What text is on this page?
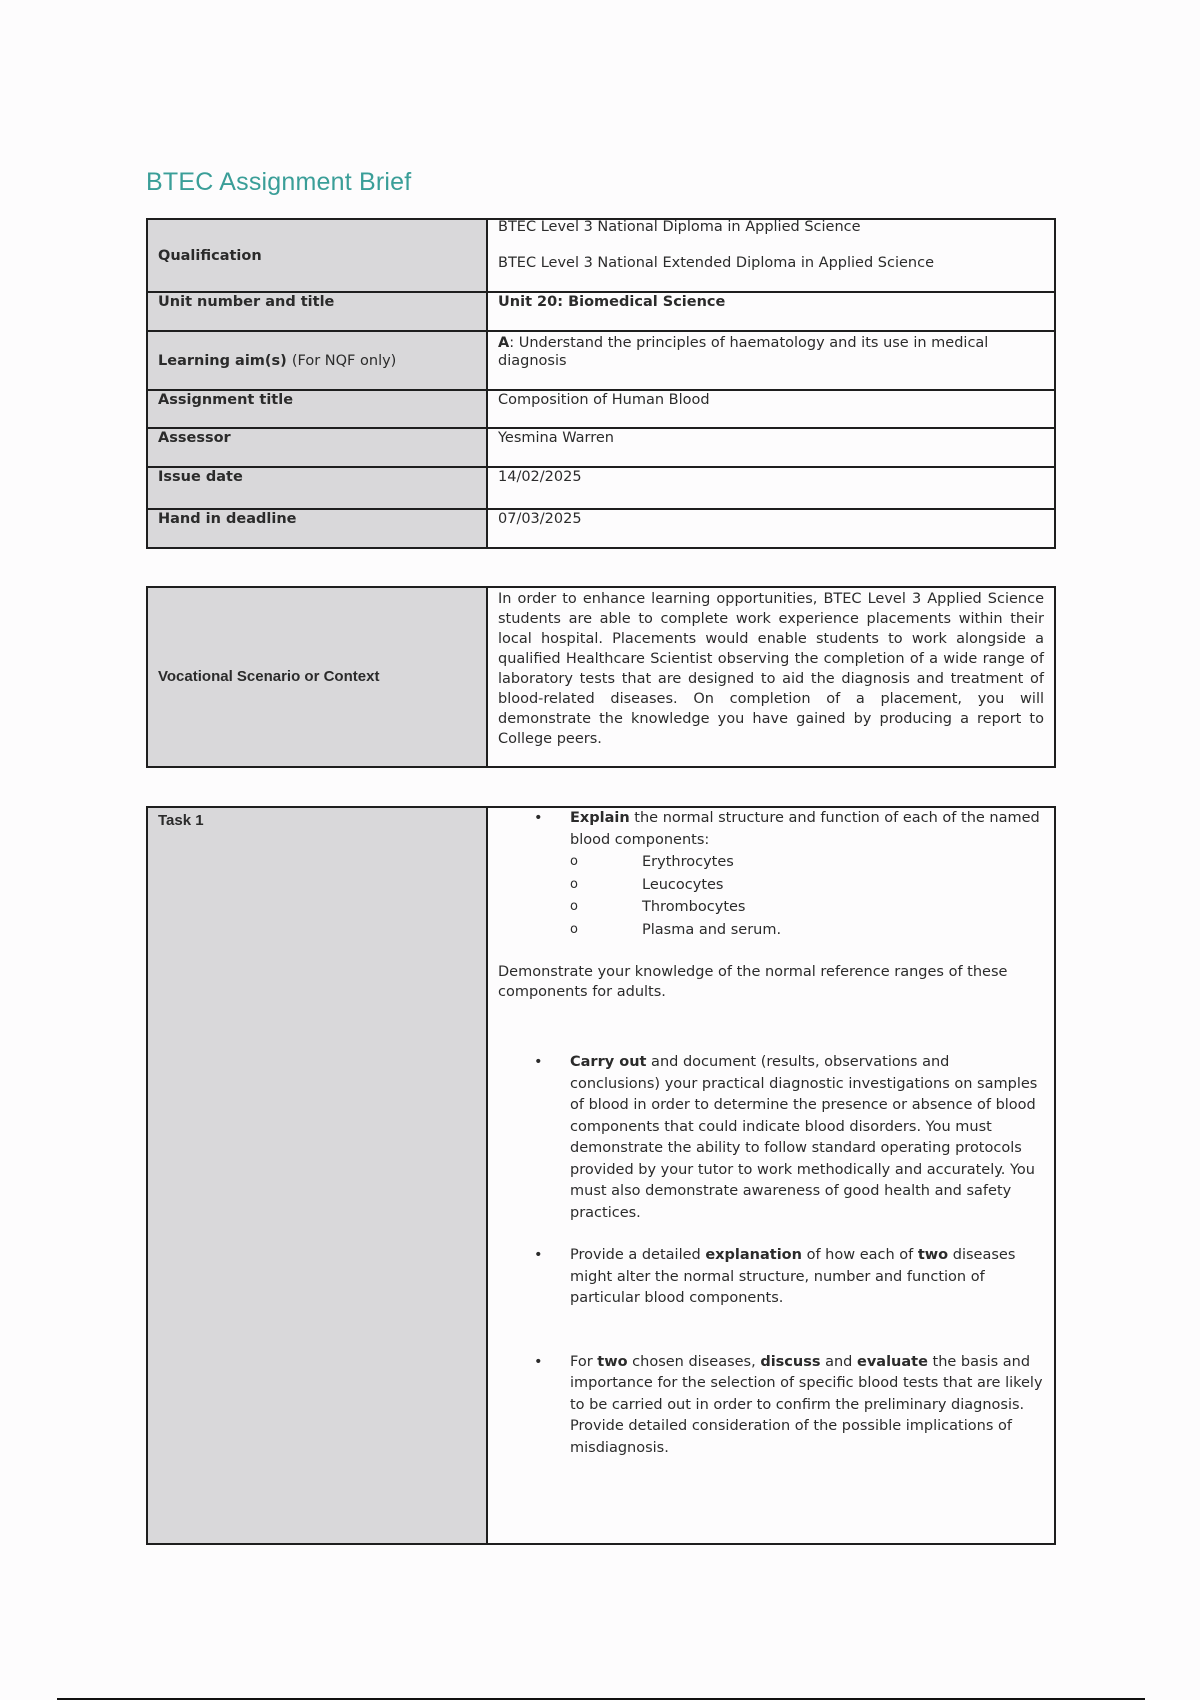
BTEC Assignment Brief
Qualification	BTEC Level 3 National Diploma in Applied Science
BTEC Level 3 National Extended Diploma in Applied Science

Unit number and title	Unit 20: Biomedical Science
Learning aim(s) (For NQF only)	A: Understand the principles of haematology and its use in medical diagnosis
Assignment title	Composition of Human Blood
Assessor	Yesmina Warren
Issue date	14/02/2025
Hand in deadline	07/03/2025
Vocational Scenario or Context	In order to enhance learning opportunities, BTEC Level 3 Applied Science students are able to complete work experience placements within their local hospital. Placements would enable students to work alongside a qualified Healthcare Scientist observing the completion of a wide range of laboratory tests that are designed to aid the diagnosis and treatment of blood-related diseases. On completion of a placement, you will demonstrate the knowledge you have gained by producing a report to College peers.
Task 1	• Explain the normal structure and function of each of the named blood components:
o	Erythrocytes
o	Leucocytes
o	Thrombocytes
o	Plasma and serum.
Demonstrate your knowledge of the normal reference ranges of these components for adults.
• Carry out and document (results, observations and conclusions) your practical diagnostic investigations on samples of blood in order to determine the presence or absence of blood components that could indicate blood disorders. You must demonstrate the ability to follow standard operating protocols provided by your tutor to work methodically and accurately. You must also demonstrate awareness of good health and safety practices.
• Provide a detailed explanation of how each of two diseases might alter the normal structure, number and function of particular blood components.
• For two chosen diseases, discuss and evaluate the basis and importance for the selection of specific blood tests that are likely to be carried out in order to confirm the preliminary diagnosis. Provide detailed consideration of the possible implications of misdiagnosis.
